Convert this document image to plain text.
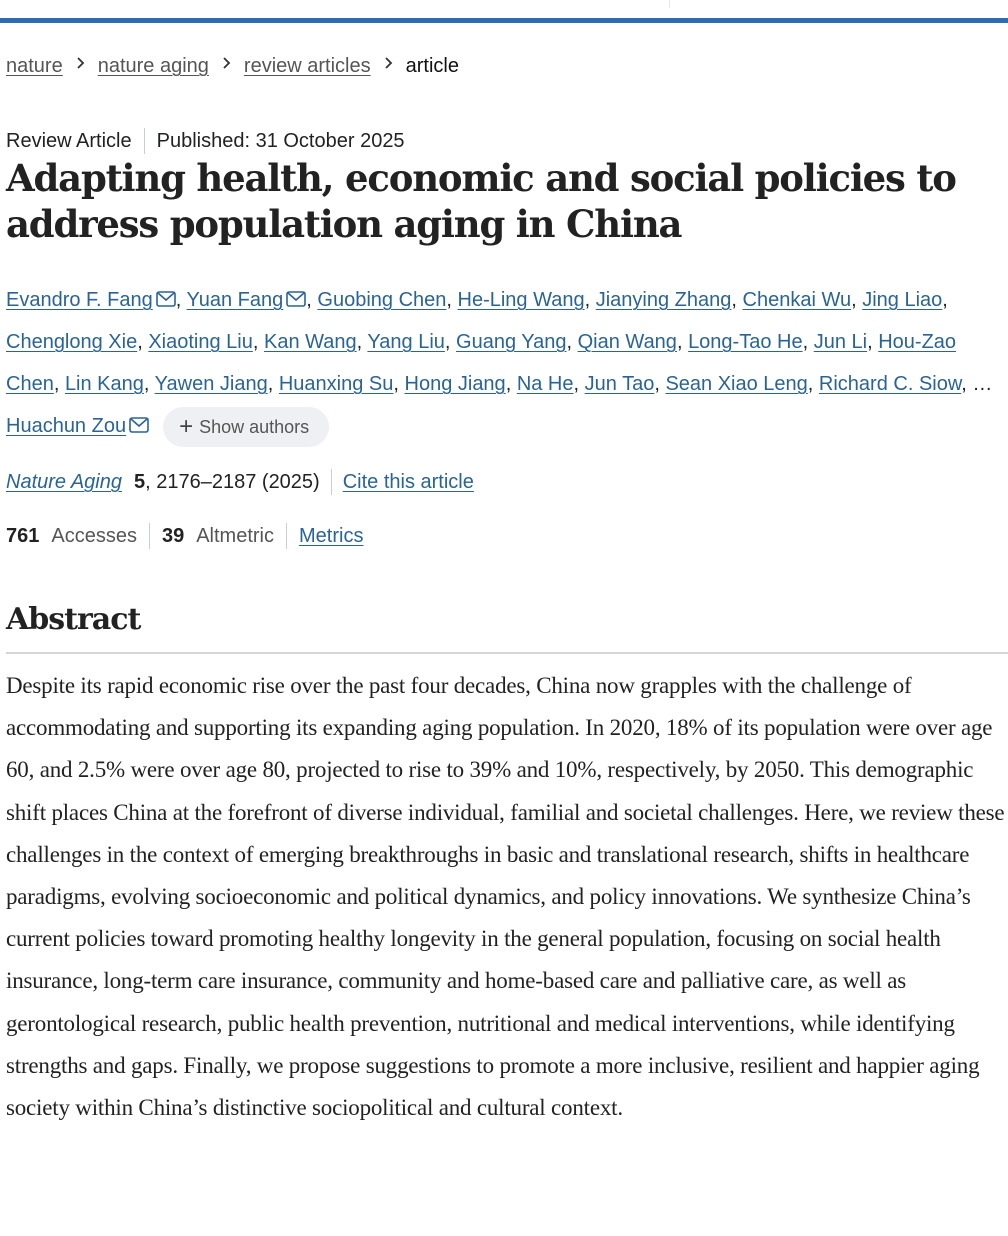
nature nature aging review articles article
Review Article Published: 31 October 2025
Adapting health, economic and social policies to address population aging in China
Evandro F. Fang , Yuan Fang , Guobing Chen, He-Ling Wang, Jianying Zhang, Chenkai Wu, Jing Liao, Chenglong Xie, Xiaoting Liu, Kan Wang, Yang Liu, Guang Yang, Qian Wang, Long-Tao He, Jun Li, Hou-Zao Chen, Lin Kang, Yawen Jiang, Huanxing Su, Hong Jiang, Na He, Jun Tao, Sean Xiao Leng, Richard C. Siow, … Huachun Zou + Show authors
Nature Aging 5 , 2176–2187 (2025) Cite this article
761 Accesses 39 Altmetric Metrics
Abstract

Despite its rapid economic rise over the past four decades, China now grapples with the challenge of accommodating and supporting its expanding aging population. In 2020, 18% of its population were over age 60, and 2.5% were over age 80, projected to rise to 39% and 10%, respectively, by 2050. This demographic shift places China at the forefront of diverse individual, familial and societal challenges. Here, we review these challenges in the context of emerging breakthroughs in basic and translational research, shifts in healthcare paradigms, evolving socioeconomic and political dynamics, and policy innovations. We synthesize China’s current policies toward promoting healthy longevity in the general population, focusing on social health insurance, long-term care insurance, community and home-based care and palliative care, as well as gerontological research, public health prevention, nutritional and medical interventions, while identifying strengths and gaps. Finally, we propose suggestions to promote a more inclusive, resilient and happier aging society within China’s distinctive sociopolitical and cultural context.
